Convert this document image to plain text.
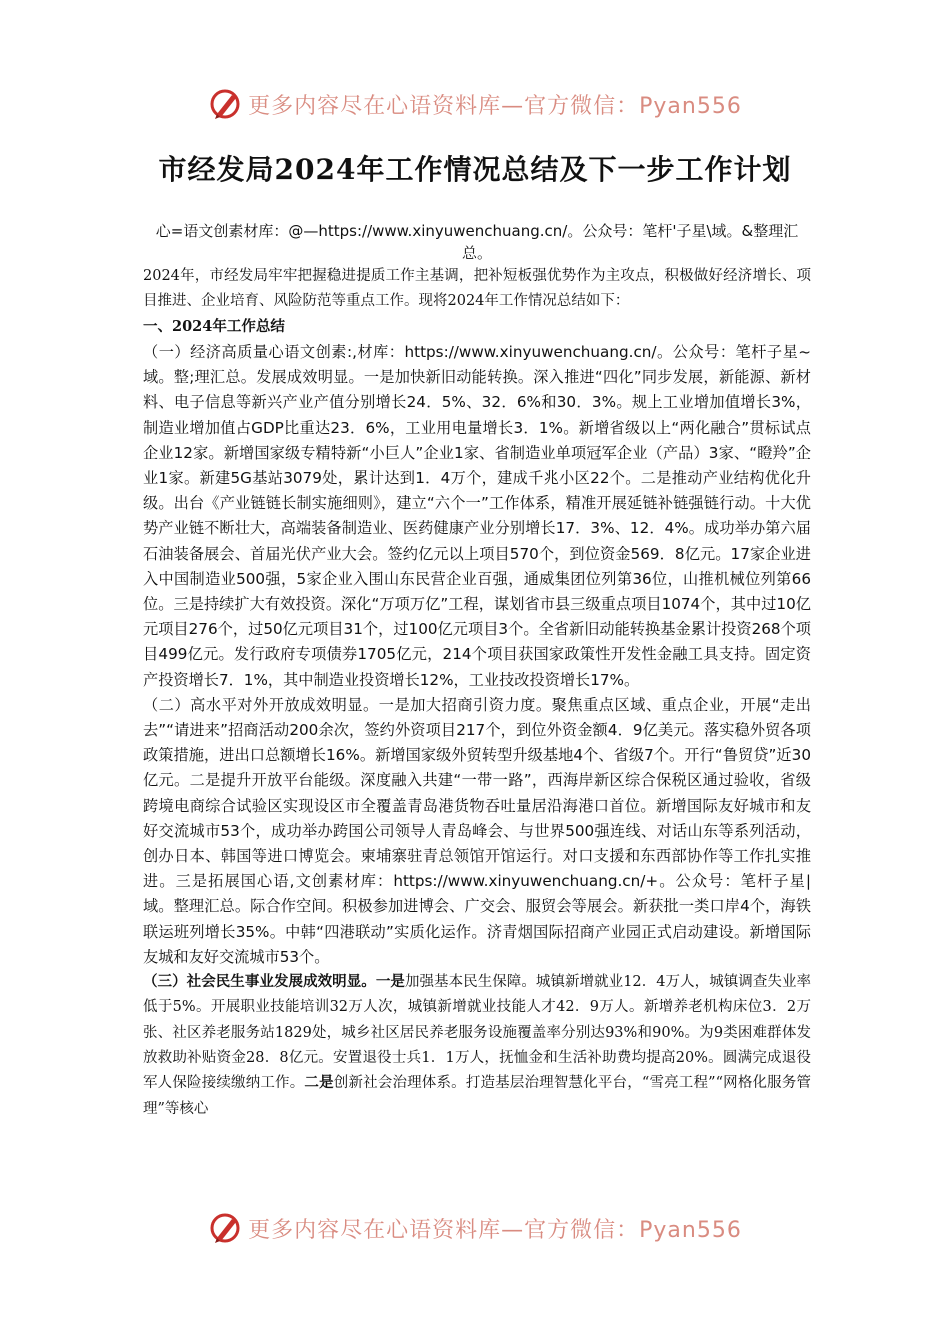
更多内容尽在心语资料库—官方微信：Pyan556
市经发局2024年工作情况总结及下一步工作计划

心=语文创素材库：@—https://www.xinyuwenchuang.cn/。公众号：笔杆'子星\域。&整理汇总。

2024年，市经发局牢牢把握稳进提质工作主基调，把补短板强优势作为主攻点，积极做好经济增长、项目推进、企业培育、风险防范等重点工作。现将2024年工作情况总结如下：

一、2024年工作总结

（一）经济高质量心语文创素:,材库：https://www.xinyuwenchuang.cn/。公众号：笔杆子星~域。整;理汇总。发展成效明显。一是加快新旧动能转换。深入推进“四化”同步发展，新能源、新材料、电子信息等新兴产业产值分别增长24．5%、32．6%和30．3%。规上工业增加值增长3%，制造业增加值占GDP比重达23．6%，工业用电量增长3．1%。新增省级以上“两化融合”贯标试点企业12家。新增国家级专精特新“小巨人”企业1家、省制造业单项冠军企业（产品）3家、“瞪羚”企业1家。新建5G基站3079处，累计达到1．4万个，建成千兆小区22个。二是推动产业结构优化升级。出台《产业链链长制实施细则》，建立“六个一”工作体系，精准开展延链补链强链行动。十大优势产业链不断壮大，高端装备制造业、医药健康产业分别增长17．3%、12．4%。成功举办第六届石油装备展会、首届光伏产业大会。签约亿元以上项目570个，到位资金569．8亿元。17家企业进入中国制造业500强，5家企业入围山东民营企业百强，通威集团位列第36位，山推机械位列第66位。三是持续扩大有效投资。深化“万项万亿”工程，谋划省市县三级重点项目1074个，其中过10亿元项目276个，过50亿元项目31个，过100亿元项目3个。全省新旧动能转换基金累计投资268个项目499亿元。发行政府专项债券1705亿元，214个项目获国家政策性开发性金融工具支持。固定资产投资增长7．1%，其中制造业投资增长12%，工业技改投资增长17%。

（二）高水平对外开放成效明显。一是加大招商引资力度。聚焦重点区域、重点企业，开展“走出去”“请进来”招商活动200余次，签约外资项目217个，到位外资金额4．9亿美元。落实稳外贸各项政策措施，进出口总额增长16%。新增国家级外贸转型升级基地4个、省级7个。开行“鲁贸贷”近30亿元。二是提升开放平台能级。深度融入共建“一带一路”，西海岸新区综合保税区通过验收，省级跨境电商综合试验区实现设区市全覆盖青岛港货物吞吐量居沿海港口首位。新增国际友好城市和友好交流城市53个，成功举办跨国公司领导人青岛峰会、与世界500强连线、对话山东等系列活动，创办日本、韩国等进口博览会。柬埔寨驻青总领馆开馆运行。对口支援和东西部协作等工作扎实推进。三是拓展国心语,文创素材库：https://www.xinyuwenchuang.cn/+。公众号：笔杆子星|域。整理汇总。际合作空间。积极参加进博会、广交会、服贸会等展会。新获批一类口岸4个，海铁联运班列增长35%。中韩“四港联动”实质化运作。济青烟国际招商产业园正式启动建设。新增国际友城和友好交流城市53个。

（三）社会民生事业发展成效明显。一是加强基本民生保障。城镇新增就业12．4万人，城镇调查失业率低于5%。开展职业技能培训32万人次，城镇新增就业技能人才42．9万人。新增养老机构床位3．2万张、社区养老服务站1829处，城乡社区居民养老服务设施覆盖率分别达93%和90%。为9类困难群体发放救助补贴资金28．8亿元。安置退役士兵1．1万人，抚恤金和生活补助费均提高20%。圆满完成退役军人保险接续缴纳工作。二是创新社会治理体系。打造基层治理智慧化平台，“雪亮工程”“网格化服务管理”等核心

更多内容尽在心语资料库—官方微信：Pyan556
